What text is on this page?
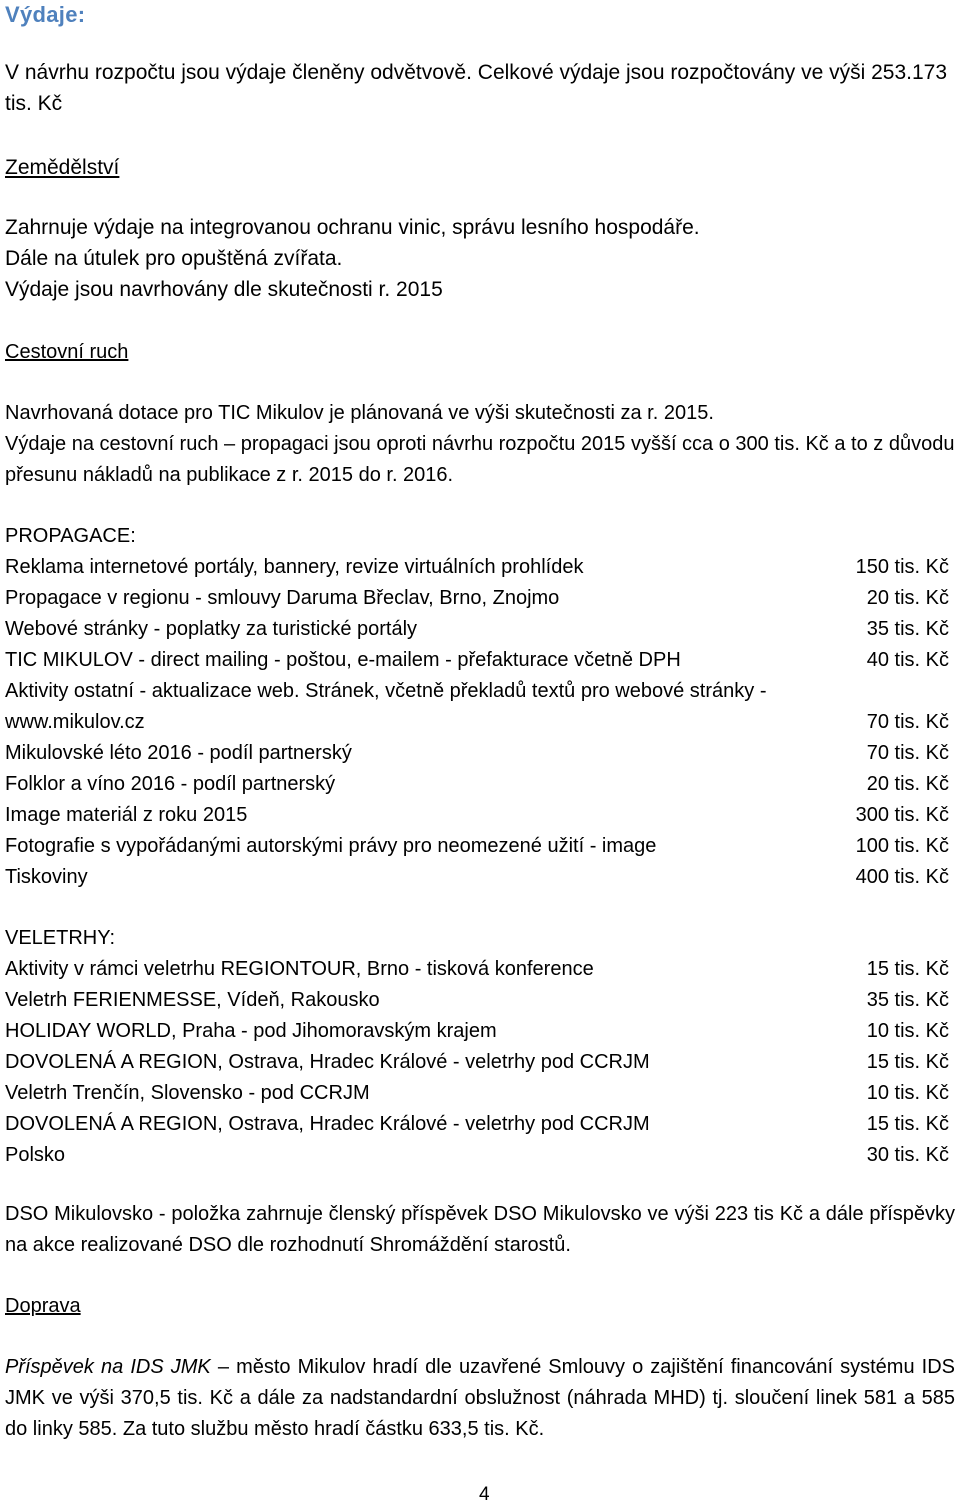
Výdaje:

V návrhu rozpočtu jsou výdaje členěny odvětvově. Celkové výdaje jsou rozpočtovány ve výši 253.173 tis. Kč

Zemědělství

Zahrnuje výdaje na integrovanou ochranu vinic, správu lesního hospodáře.

Dále na útulek pro opuštěná zvířata.

Výdaje jsou navrhovány dle skutečnosti r. 2015

Cestovní ruch

Navrhovaná dotace pro TIC Mikulov je plánovaná ve výši skutečnosti za r. 2015.

Výdaje na cestovní ruch – propagaci jsou oproti návrhu rozpočtu 2015 vyšší cca o 300 tis. Kč a to z důvodu přesunu nákladů na publikace z r. 2015 do r. 2016.

PROPAGACE:

Reklama internetové portály, bannery, revize virtuálních prohlídek	150 tis. Kč
Propagace v regionu - smlouvy Daruma Břeclav, Brno, Znojmo	20 tis. Kč
Webové stránky - poplatky za turistické portály	35 tis. Kč
TIC MIKULOV - direct mailing - poštou, e-mailem - přefakturace včetně DPH	40 tis. Kč
Aktivity ostatní - aktualizace web. Stránek, včetně překladů textů pro webové stránky - www.mikulov.cz	70 tis. Kč
Mikulovské léto 2016 - podíl partnerský	70 tis. Kč
Folklor a víno 2016 - podíl partnerský	20 tis. Kč
Image materiál z roku 2015	300 tis. Kč
Fotografie s vypořádanými autorskými právy pro neomezené užití - image	100 tis. Kč
Tiskoviny	400 tis. Kč

VELETRHY:

Aktivity v rámci veletrhu REGIONTOUR, Brno - tisková konference	15 tis. Kč
Veletrh FERIENMESSE, Vídeň, Rakousko	35 tis. Kč
HOLIDAY WORLD, Praha - pod Jihomoravským krajem	10 tis. Kč
DOVOLENÁ A REGION, Ostrava, Hradec Králové - veletrhy pod CCRJM	15 tis. Kč
Veletrh Trenčín, Slovensko - pod CCRJM	10 tis. Kč
DOVOLENÁ A REGION, Ostrava, Hradec Králové - veletrhy pod CCRJM	15 tis. Kč
Polsko	30 tis. Kč

DSO Mikulovsko - položka zahrnuje členský příspěvek DSO Mikulovsko ve výši 223 tis Kč a dále příspěvky na akce realizované DSO dle rozhodnutí Shromáždění starostů.

Doprava

Příspěvek na IDS JMK – město Mikulov hradí dle uzavřené Smlouvy o zajištění financování systému IDS JMK ve výši 370,5 tis. Kč a dále za nadstandardní obslužnost (náhrada MHD) tj. sloučení linek 581 a 585 do linky 585. Za tuto službu město hradí částku 633,5 tis. Kč.

4
